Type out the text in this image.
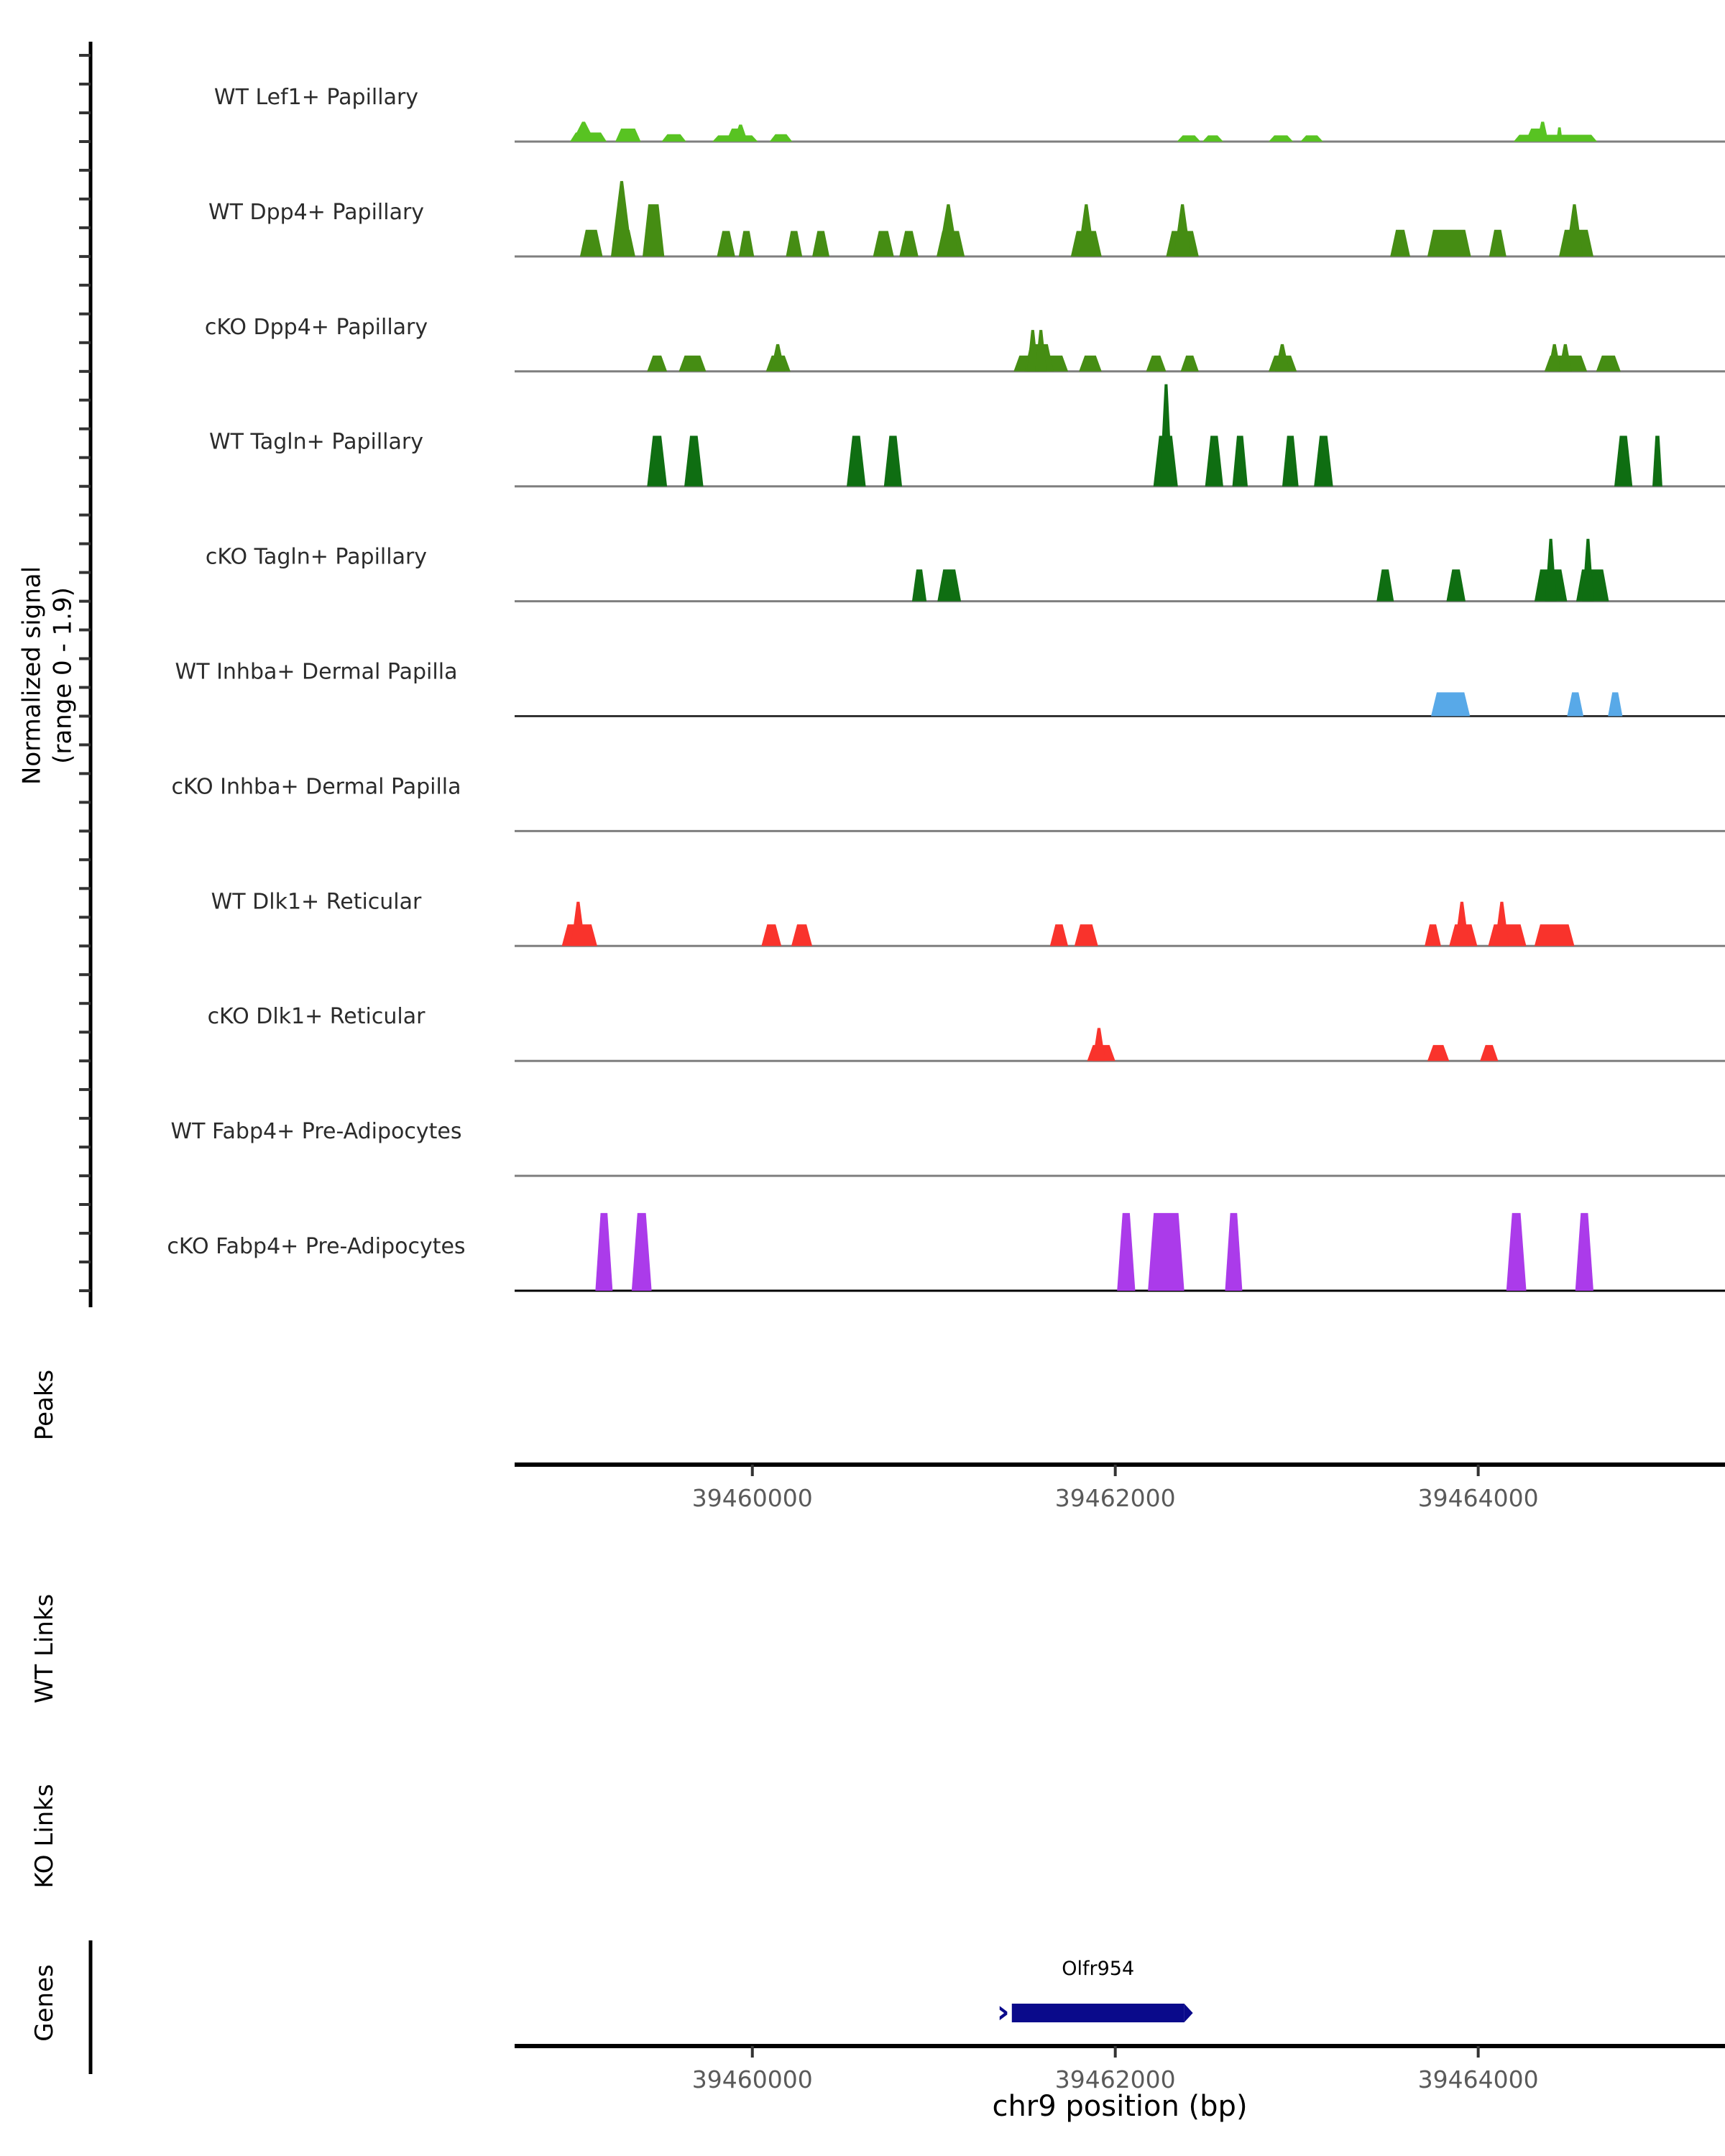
WT Lef1+ Papillary
WT Dpp4+ Papillary
cKO Dpp4+ Papillary
WT Tagln+ Papillary
cKO Tagln+ Papillary
WT Inhba+ Dermal Papilla
cKO Inhba+ Dermal Papilla
WT Dlk1+ Reticular
cKO Dlk1+ Reticular
WT Fabp4+ Pre-Adipocytes
cKO Fabp4+ Pre-Adipocytes
39460000	39462000	39464000
Olfr954
›
39460000	39462000	39464000
Normalized signal (range 0 - 1.9)
Peaks
WT Links
KO Links
Genes
chr9 position (bp)
